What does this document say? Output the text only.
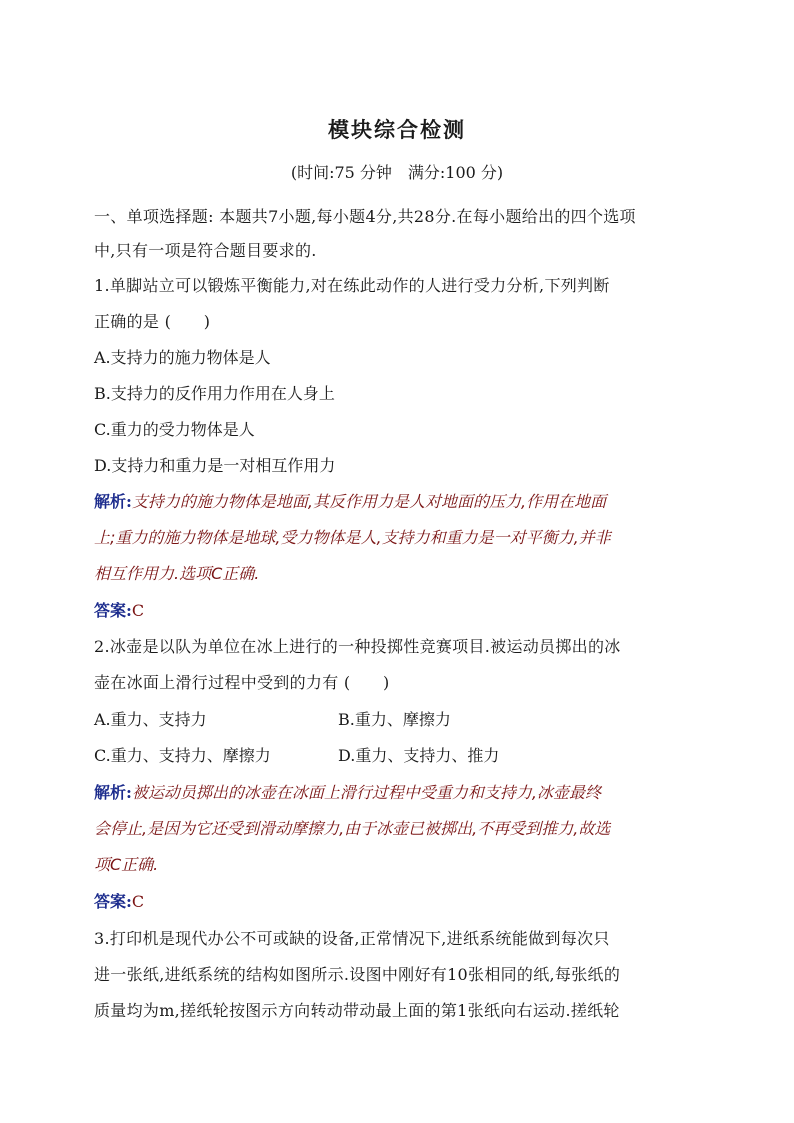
模块综合检测
(时间:75 分钟　满分:100 分)
一、单项选择题: 本题共7小题,每小题4分,共28分.在每小题给出的四个选项
中,只有一项是符合题目要求的.
1.单脚站立可以锻炼平衡能力,对在练此动作的人进行受力分析,下列判断
正确的是 (　　)
A.支持力的施力物体是人
B.支持力的反作用力作用在人身上
C.重力的受力物体是人
D.支持力和重力是一对相互作用力
解析:支持力的施力物体是地面,其反作用力是人对地面的压力,作用在地面
上;重力的施力物体是地球,受力物体是人,支持力和重力是一对平衡力,并非
相互作用力.选项C正确.
答案:C
2.冰壶是以队为单位在冰上进行的一种投掷性竞赛项目.被运动员掷出的冰
壶在冰面上滑行过程中受到的力有 (　　)
A.重力、支持力	B.重力、摩擦力
C.重力、支持力、摩擦力	D.重力、支持力、推力
解析:被运动员掷出的冰壶在冰面上滑行过程中受重力和支持力,冰壶最终
会停止,是因为它还受到滑动摩擦力,由于冰壶已被掷出,不再受到推力,故选
项C正确.
答案:C
3.打印机是现代办公不可或缺的设备,正常情况下,进纸系统能做到每次只
进一张纸,进纸系统的结构如图所示.设图中刚好有10张相同的纸,每张纸的
质量均为m,搓纸轮按图示方向转动带动最上面的第1张纸向右运动.搓纸轮
